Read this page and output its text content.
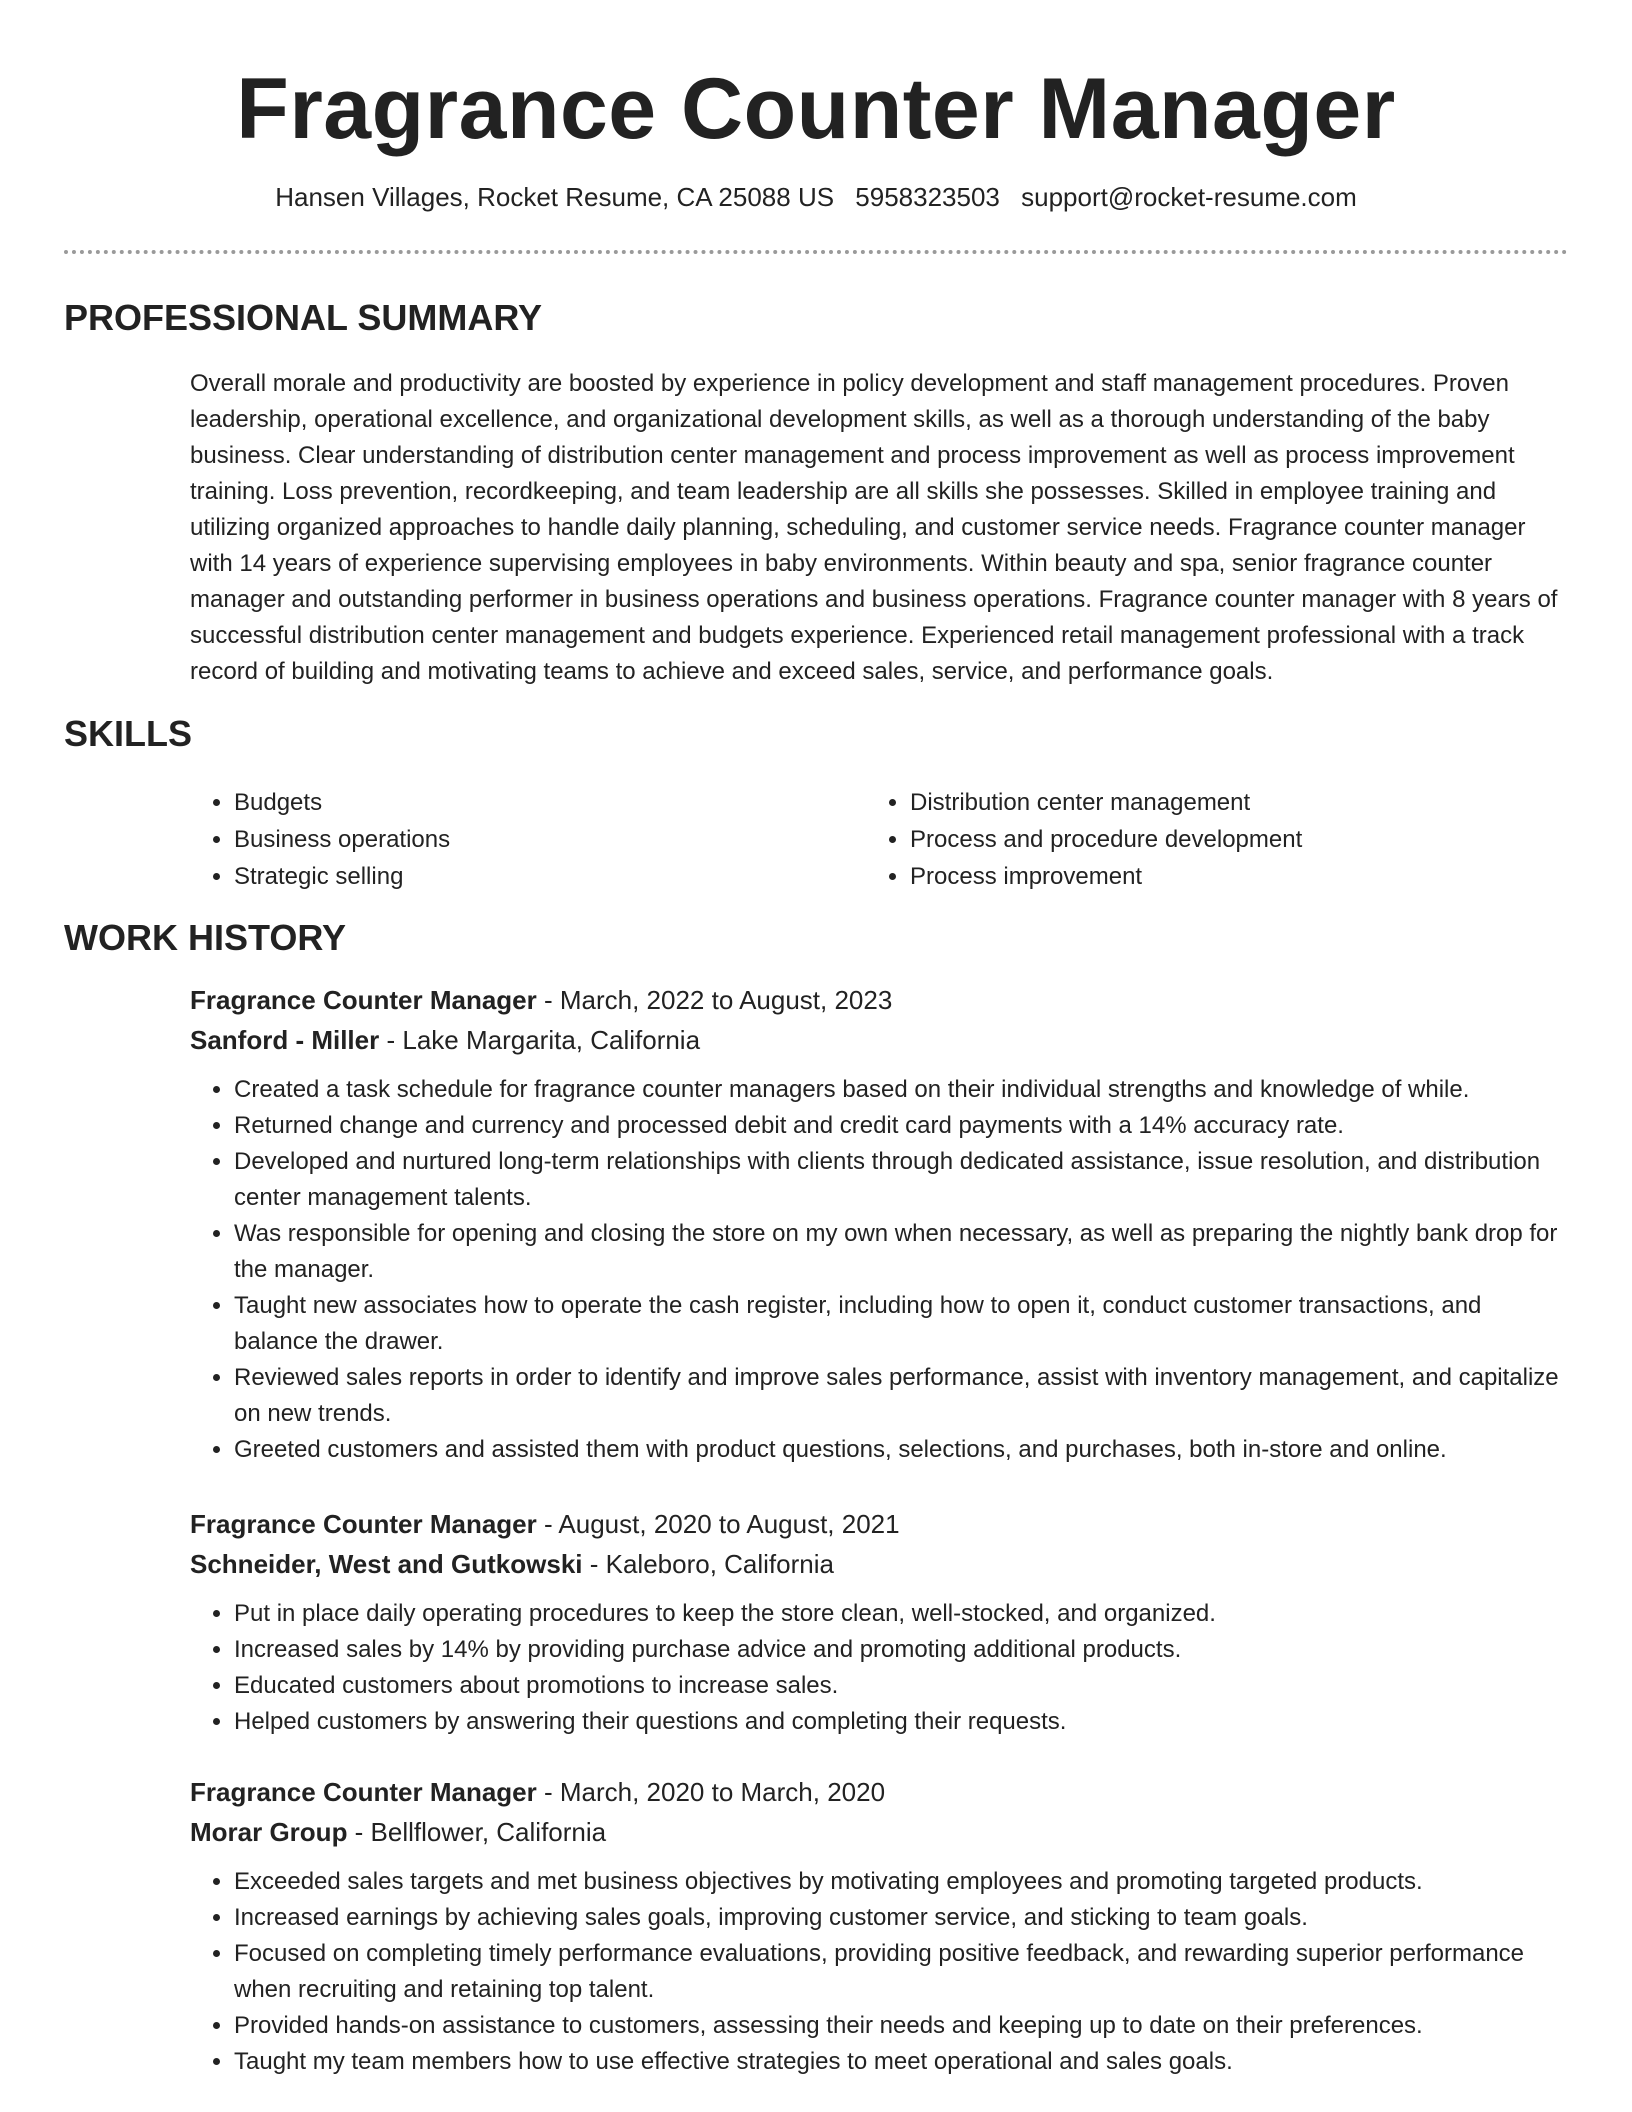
Fragrance Counter Manager
Hansen Villages, Rocket Resume, CA 25088 US 5958323503 support@rocket-resume.com
PROFESSIONAL SUMMARY

Overall morale and productivity are boosted by experience in policy development and staff management procedures. Proven leadership, operational excellence, and organizational development skills, as well as a thorough understanding of the baby business. Clear understanding of distribution center management and process improvement as well as process improvement training. Loss prevention, recordkeeping, and team leadership are all skills she possesses. Skilled in employee training and utilizing organized approaches to handle daily planning, scheduling, and customer service needs. Fragrance counter manager with 14 years of experience supervising employees in baby environments. Within beauty and spa, senior fragrance counter manager and outstanding performer in business operations and business operations. Fragrance counter manager with 8 years of successful distribution center management and budgets experience. Experienced retail management professional with a track record of building and motivating teams to achieve and exceed sales, service, and performance goals.

SKILLS
• Budgets
• Business operations
• Strategic selling
• Distribution center management
• Process and procedure development
• Process improvement
WORK HISTORY
Fragrance Counter Manager - March, 2022 to August, 2023
Sanford - Miller - Lake Margarita, California
• Created a task schedule for fragrance counter managers based on their individual strengths and knowledge of while.
• Returned change and currency and processed debit and credit card payments with a 14% accuracy rate.
• Developed and nurtured long-term relationships with clients through dedicated assistance, issue resolution, and distribution center management talents.
• Was responsible for opening and closing the store on my own when necessary, as well as preparing the nightly bank drop for the manager.
• Taught new associates how to operate the cash register, including how to open it, conduct customer transactions, and balance the drawer.
• Reviewed sales reports in order to identify and improve sales performance, assist with inventory management, and capitalize on new trends.
• Greeted customers and assisted them with product questions, selections, and purchases, both in-store and online.
Fragrance Counter Manager - August, 2020 to August, 2021
Schneider, West and Gutkowski - Kaleboro, California
• Put in place daily operating procedures to keep the store clean, well-stocked, and organized.
• Increased sales by 14% by providing purchase advice and promoting additional products.
• Educated customers about promotions to increase sales.
• Helped customers by answering their questions and completing their requests.
Fragrance Counter Manager - March, 2020 to March, 2020
Morar Group - Bellflower, California
• Exceeded sales targets and met business objectives by motivating employees and promoting targeted products.
• Increased earnings by achieving sales goals, improving customer service, and sticking to team goals.
• Focused on completing timely performance evaluations, providing positive feedback, and rewarding superior performance when recruiting and retaining top talent.
• Provided hands-on assistance to customers, assessing their needs and keeping up to date on their preferences.
• Taught my team members how to use effective strategies to meet operational and sales goals.
